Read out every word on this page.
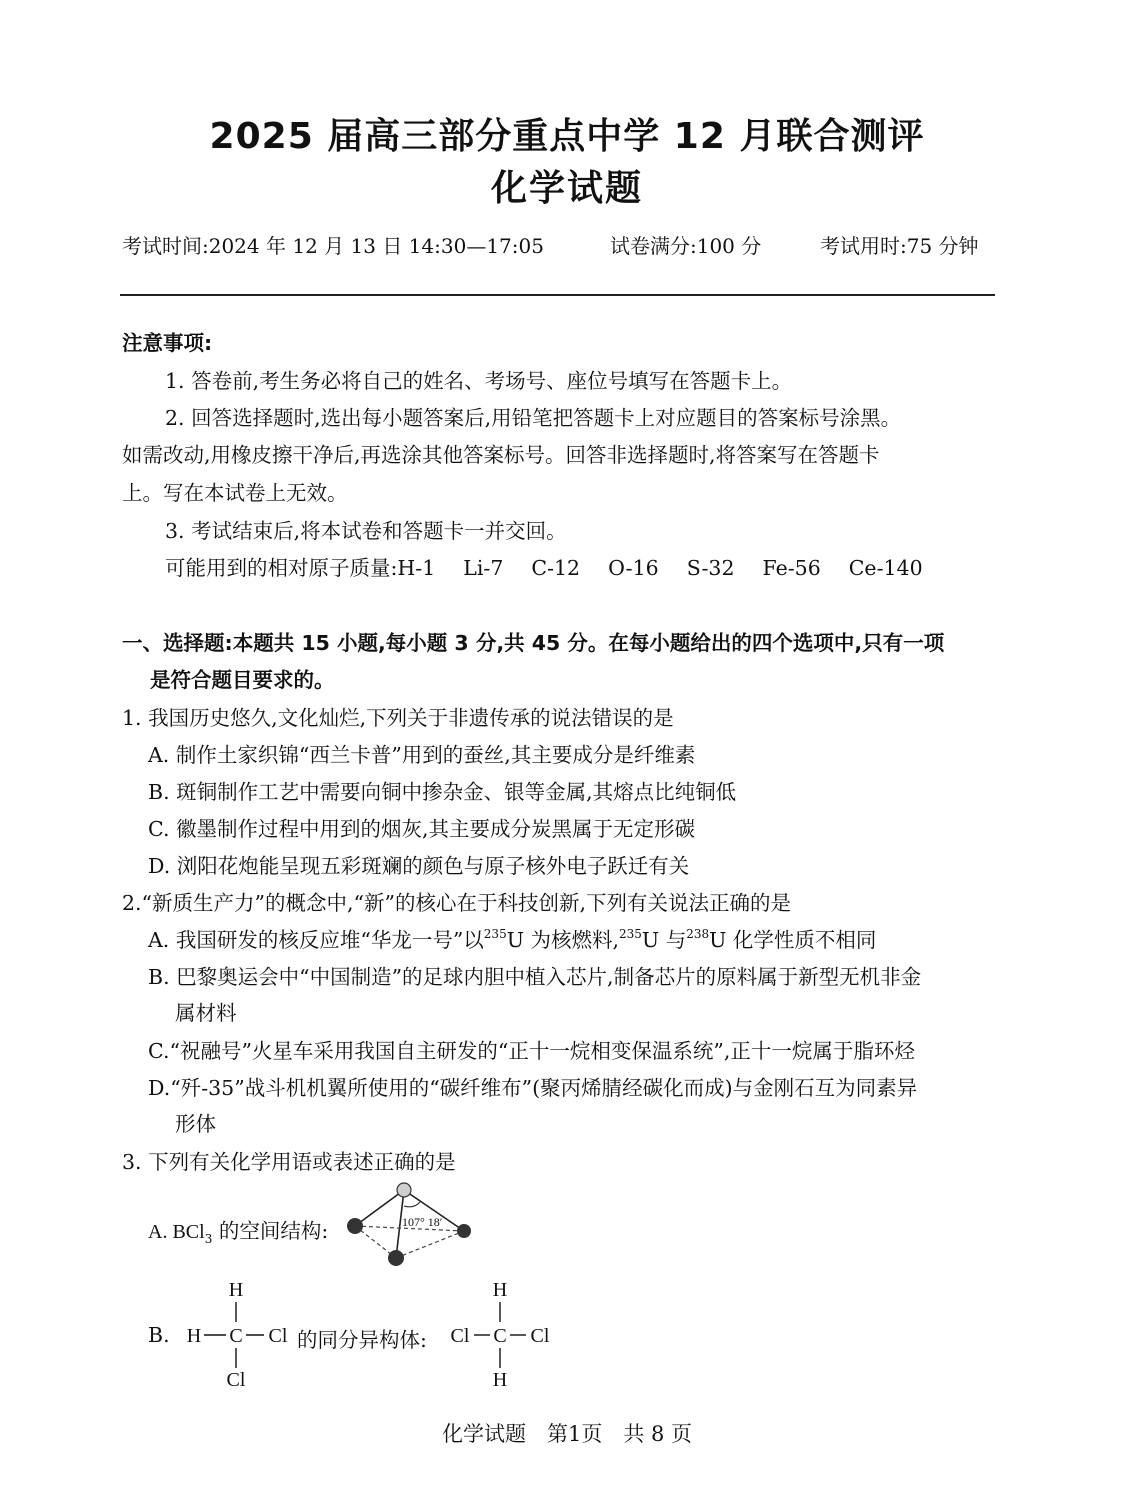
2025 届高三部分重点中学 12 月联合测评
化学试题
考试时间:2024 年 12 月 13 日 14:30—17:05	试卷满分:100 分	考试用时:75 分钟
注意事项:
1. 答卷前,考生务必将自己的姓名、考场号、座位号填写在答题卡上。
2. 回答选择题时,选出每小题答案后,用铅笔把答题卡上对应题目的答案标号涂黑。
如需改动,用橡皮擦干净后,再选涂其他答案标号。回答非选择题时,将答案写在答题卡
上。写在本试卷上无效。
3. 考试结束后,将本试卷和答题卡一并交回。
可能用到的相对原子质量:H-1 Li-7 C-12 O-16 S-32 Fe-56 Ce-140
一、选择题:本题共 15 小题,每小题 3 分,共 45 分。在每小题给出的四个选项中,只有一项
是符合题目要求的。
1. 我国历史悠久,文化灿烂,下列关于非遗传承的说法错误的是
A. 制作土家织锦“西兰卡普”用到的蚕丝,其主要成分是纤维素
B. 斑铜制作工艺中需要向铜中掺杂金、银等金属,其熔点比纯铜低
C. 徽墨制作过程中用到的烟灰,其主要成分炭黑属于无定形碳
D. 浏阳花炮能呈现五彩斑斓的颜色与原子核外电子跃迁有关
2.“新质生产力”的概念中,“新”的核心在于科技创新,下列有关说法正确的是
A. 我国研发的核反应堆“华龙一号”以$^{235}$U 为核燃料,$^{235}$U 与$^{238}$U 化学性质不相同
B. 巴黎奥运会中“中国制造”的足球内胆中植入芯片,制备芯片的原料属于新型无机非金
属材料
C.“祝融号”火星车采用我国自主研发的“正十一烷相变保温系统”,正十一烷属于脂环烃
D.“歼-35”战斗机机翼所使用的“碳纤维布”(聚丙烯腈经碳化而成)与金刚石互为同素异
形体
3. 下列有关化学用语或表述正确的是
A. BCl$_3$ 的空间结构:	107° 18′
B.
H
H C Cl
Cl
的同分异构体:
H
Cl C Cl
H
化学试题　第1页　共 8 页
